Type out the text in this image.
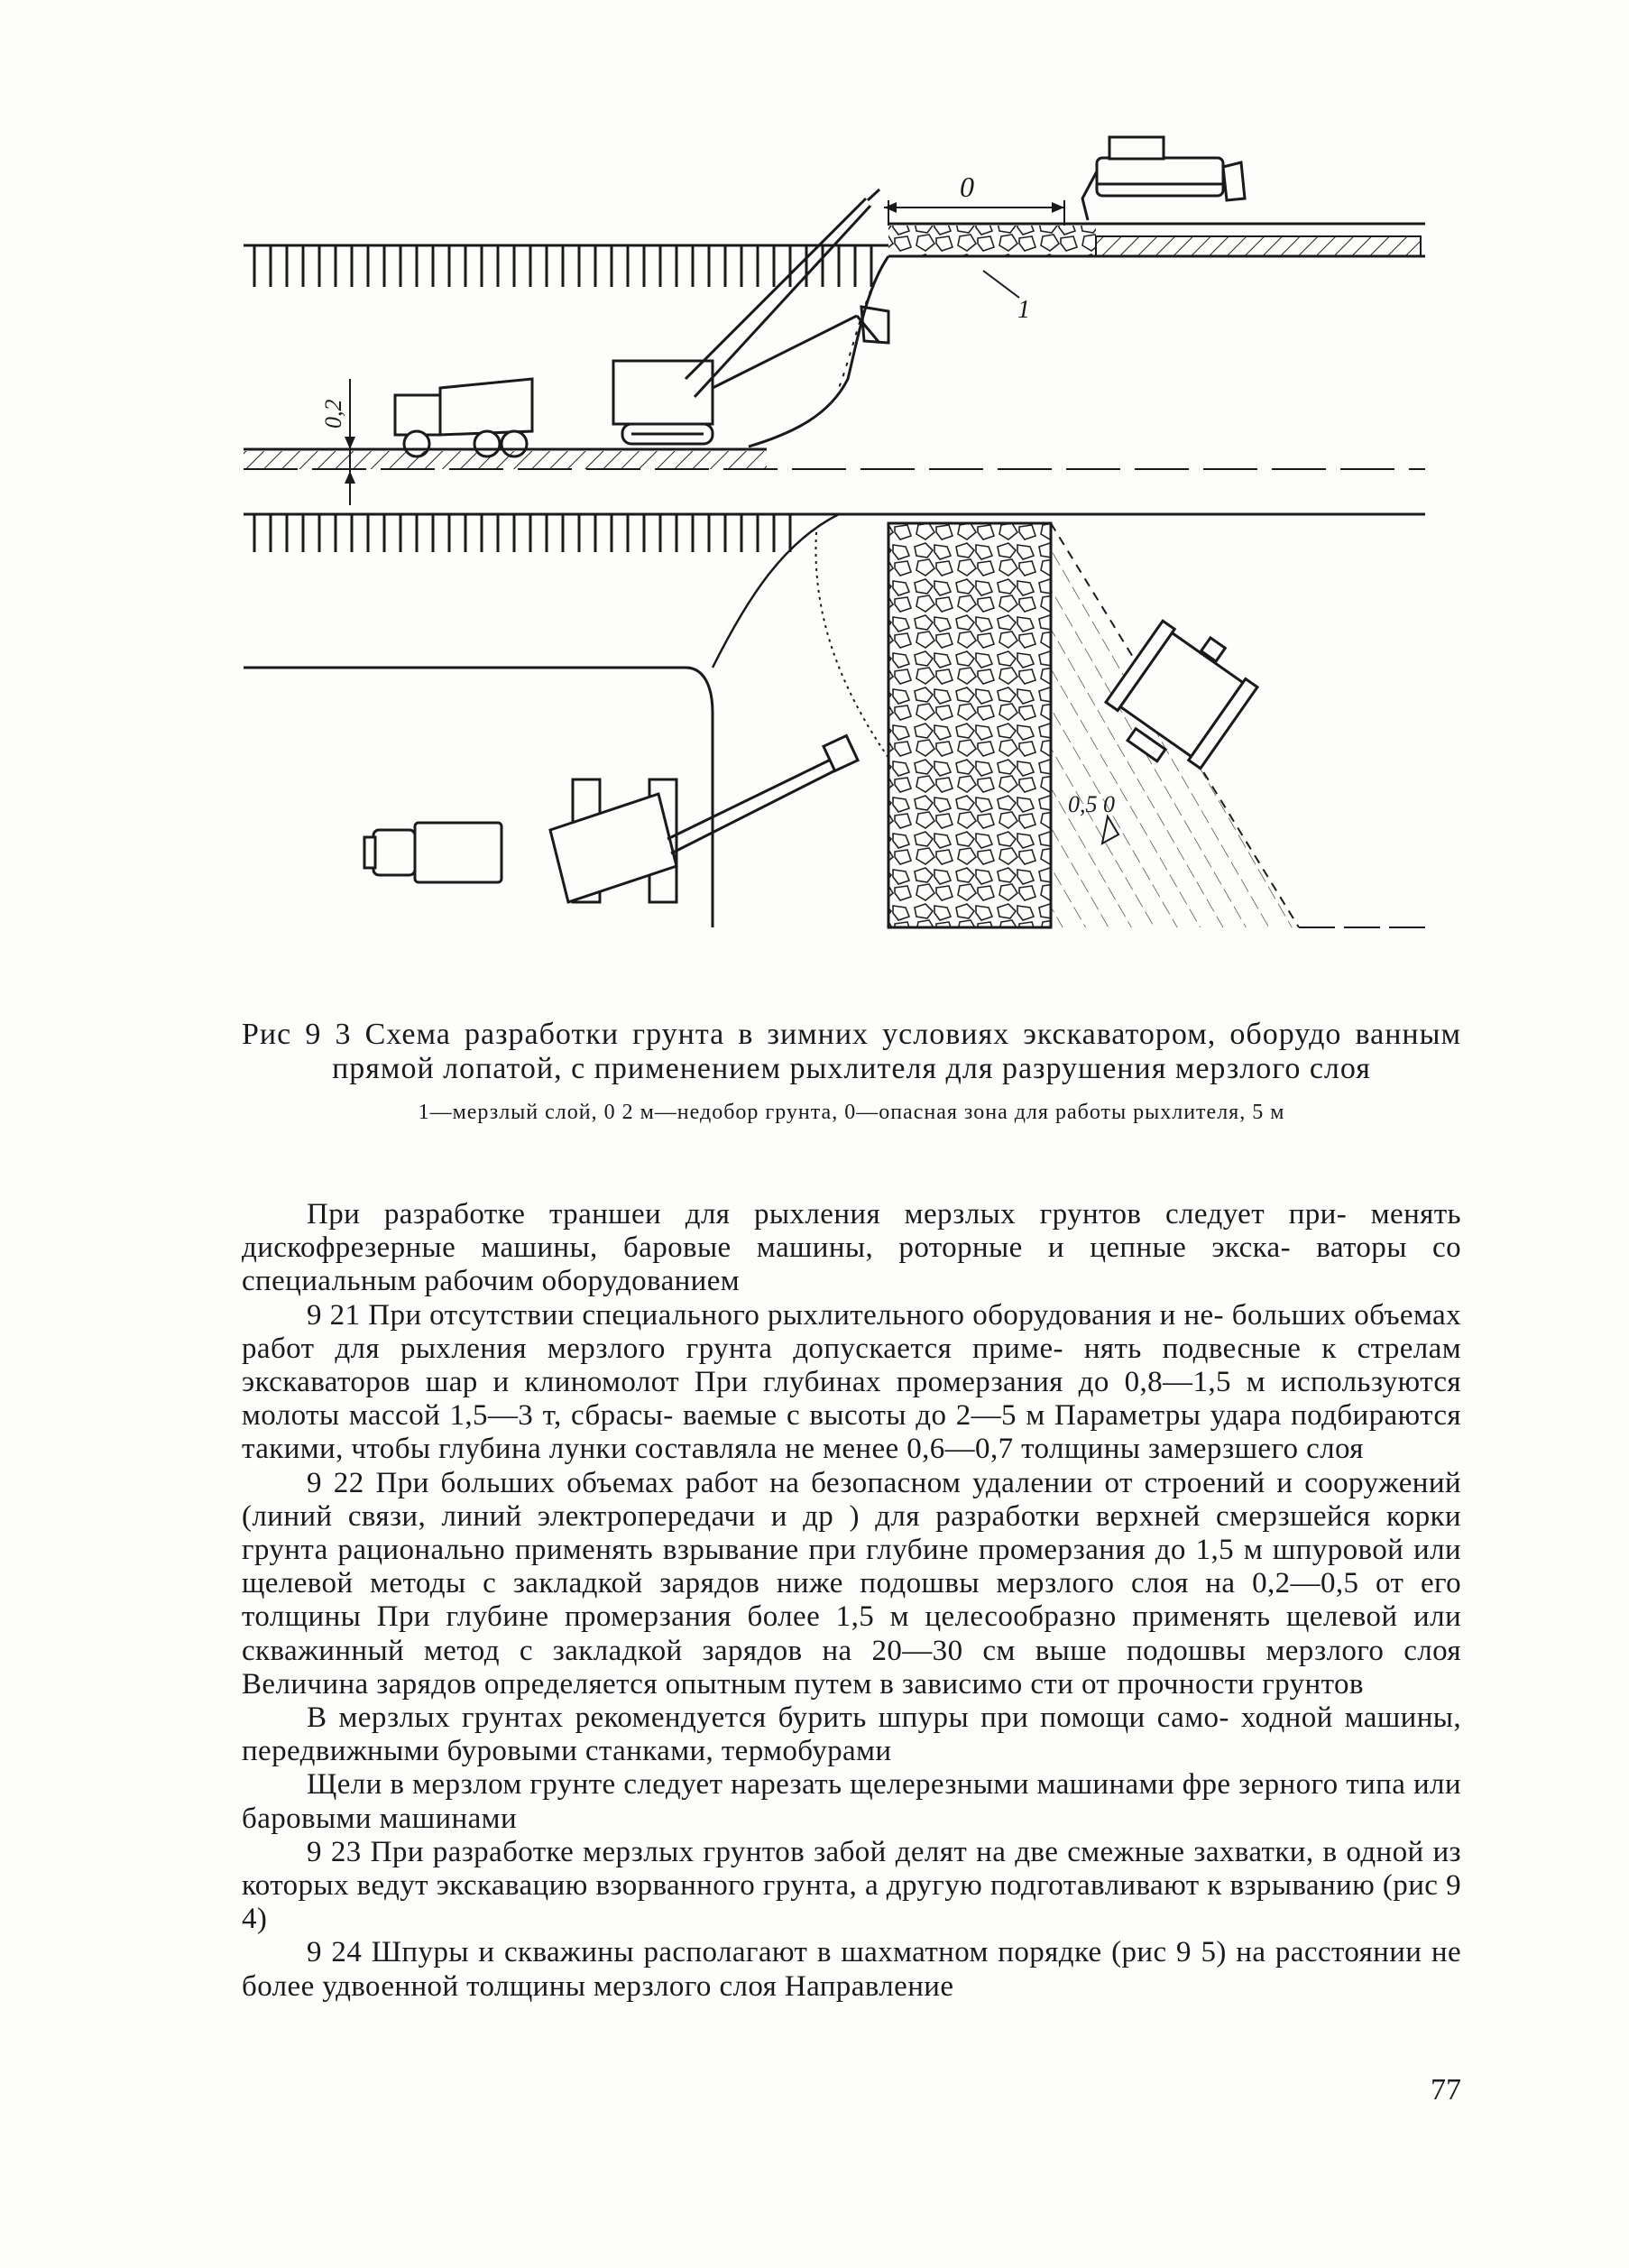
0
1
0,2
0,5 0

Рис 9 3 Схема разработки грунта в зимних условиях экскаватором, оборудо ванным прямой лопатой, с применением рыхлителя для разрушения мерзлого слоя

1—мерзлый слой, 0 2 м—недобор грунта, 0—опасная зона для работы рыхлителя, 5 м

При разработке траншеи для рыхления мерзлых грунтов следует при- менять дискофрезерные машины, баровые машины, роторные и цепные экска- ваторы со специальным рабочим оборудованием

9 21 При отсутствии специального рыхлительного оборудования и не- больших объемах работ для рыхления мерзлого грунта допускается приме- нять подвесные к стрелам экскаваторов шар и клиномолот При глубинах промерзания до 0,8—1,5 м используются молоты массой 1,5—3 т, сбрасы- ваемые с высоты до 2—5 м Параметры удара подбираются такими, чтобы глубина лунки составляла не менее 0,6—0,7 толщины замерзшего слоя

9 22 При больших объемах работ на безопасном удалении от строений и сооружений (линий связи, линий электропередачи и др ) для разработки верхней смерзшейся корки грунта рационально применять взрывание при глубине промерзания до 1,5 м шпуровой или щелевой методы с закладкой зарядов ниже подошвы мерзлого слоя на 0,2—0,5 от его толщины При глубине промерзания более 1,5 м целесообразно применять щелевой или скважинный метод с закладкой зарядов на 20—30 см выше подошвы мерзлого слоя Величина зарядов определяется опытным путем в зависимо сти от прочности грунтов

В мерзлых грунтах рекомендуется бурить шпуры при помощи само- ходной машины, передвижными буровыми станками, термобурами

Щели в мерзлом грунте следует нарезать щелерезными машинами фре зерного типа или баровыми машинами

9 23 При разработке мерзлых грунтов забой делят на две смежные захватки, в одной из которых ведут экскавацию взорванного грунта, а другую подготавливают к взрыванию (рис 9 4)

9 24 Шпуры и скважины располагают в шахматном порядке (рис 9 5) на расстоянии не более удвоенной толщины мерзлого слоя Направление

77
